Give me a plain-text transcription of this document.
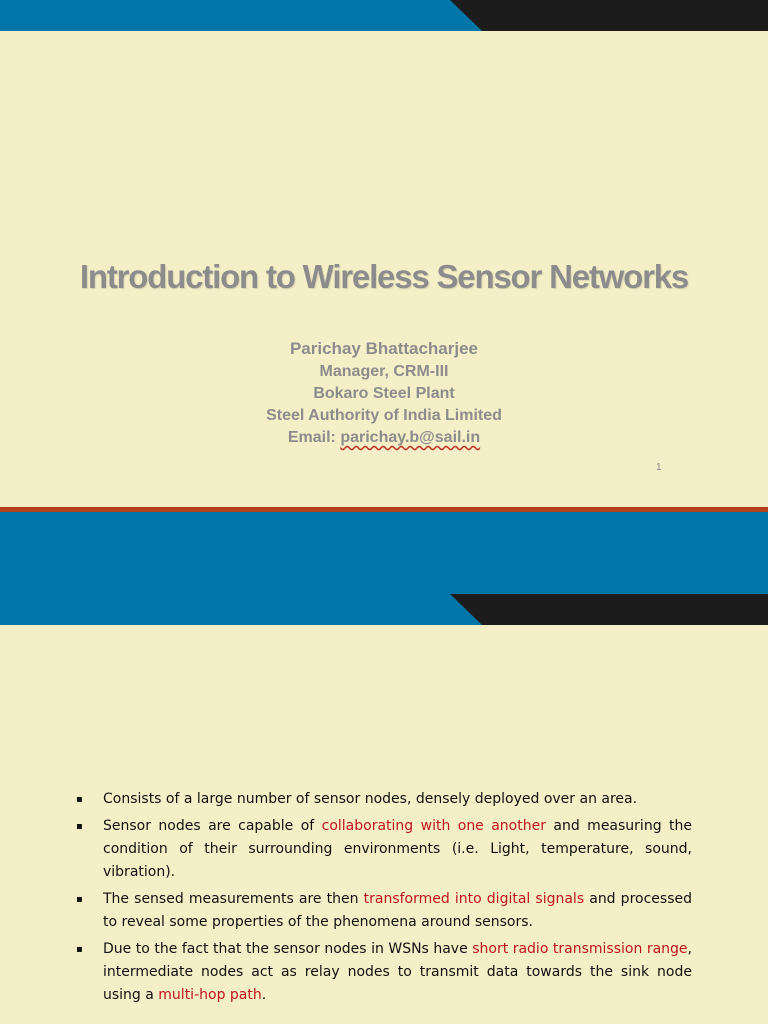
Introduction to Wireless Sensor Networks
Parichay Bhattacharjee
Manager, CRM-III
Bokaro Steel Plant
Steel Authority of India Limited
Email: parichay.b@sail.in
1
▪ Consists of a large number of sensor nodes, densely deployed over an area.
▪ Sensor nodes are capable of collaborating with one another and measuring the condition of their surrounding environments (i.e. Light, temperature, sound, vibration).
▪ The sensed measurements are then transformed into digital signals and processed to reveal some properties of the phenomena around sensors.
▪ Due to the fact that the sensor nodes in WSNs have short radio transmission range, intermediate nodes act as relay nodes to transmit data towards the sink node using a multi-hop path.
